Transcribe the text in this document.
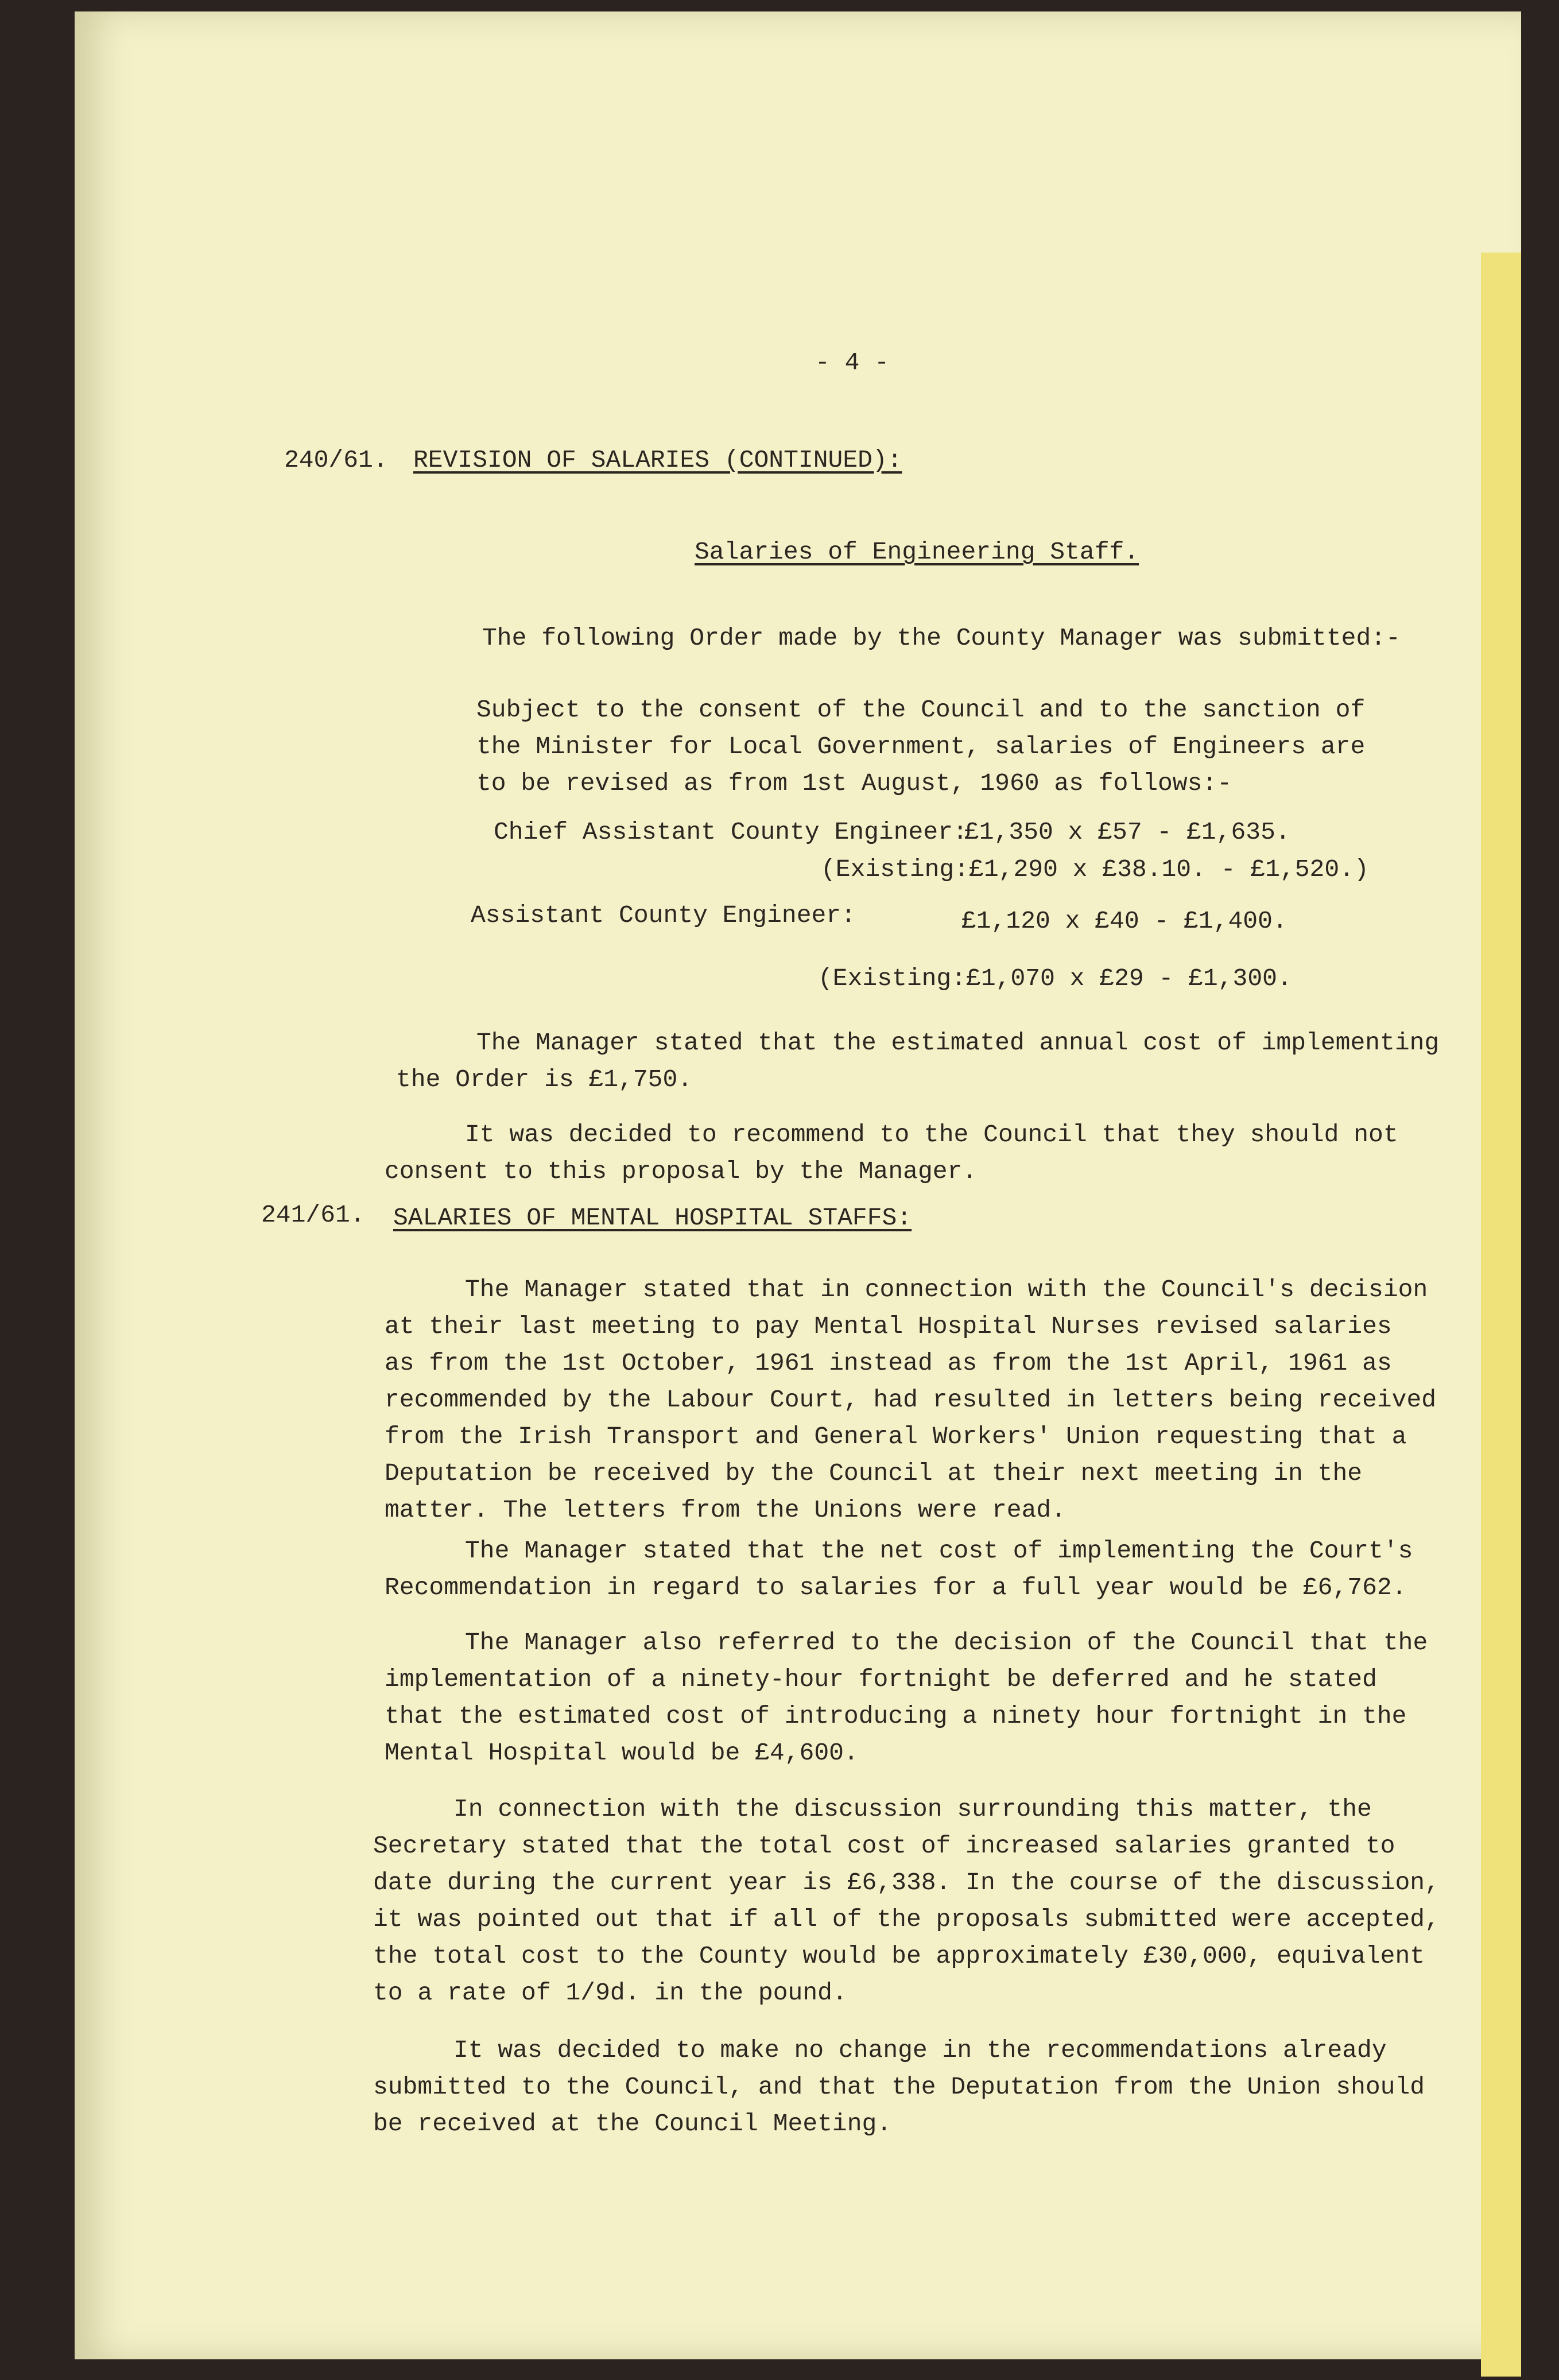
- 4 -
240/61. REVISION OF SALARIES (CONTINUED):
Salaries of Engineering Staff.
The following Order made by the County Manager was submitted:-
Subject to the consent of the Council and to the sanction of
the Minister for Local Government, salaries of Engineers are
to be revised as from 1st August, 1960 as follows:-
Chief Assistant County Engineer:
£1,350 x £57 - £1,635.
(Existing:£1,290 x £38.10. - £1,520.)
Assistant County Engineer:	£1,120 x £40 - £1,400.
(Existing:£1,070 x £29 - £1,300.
The Manager stated that the estimated annual cost of implementing
the Order is £1,750.
It was decided to recommend to the Council that they should not
consent to this proposal by the Manager.
241/61. SALARIES OF MENTAL HOSPITAL STAFFS:
The Manager stated that in connection with the Council's decision
at their last meeting to pay Mental Hospital Nurses revised salaries
as from the 1st October, 1961 instead as from the 1st April, 1961 as
recommended by the Labour Court, had resulted in letters being received
from the Irish Transport and General Workers' Union requesting that a
Deputation be received by the Council at their next meeting in the
matter. The letters from the Unions were read.
The Manager stated that the net cost of implementing the Court's
Recommendation in regard to salaries for a full year would be £6,762.
The Manager also referred to the decision of the Council that the
implementation of a ninety-hour fortnight be deferred and he stated
that the estimated cost of introducing a ninety hour fortnight in the
Mental Hospital would be £4,600.
In connection with the discussion surrounding this matter, the
Secretary stated that the total cost of increased salaries granted to
date during the current year is £6,338. In the course of the discussion,
it was pointed out that if all of the proposals submitted were accepted,
the total cost to the County would be approximately £30,000, equivalent
to a rate of 1/9d. in the pound.
It was decided to make no change in the recommendations already
submitted to the Council, and that the Deputation from the Union should
be received at the Council Meeting.
